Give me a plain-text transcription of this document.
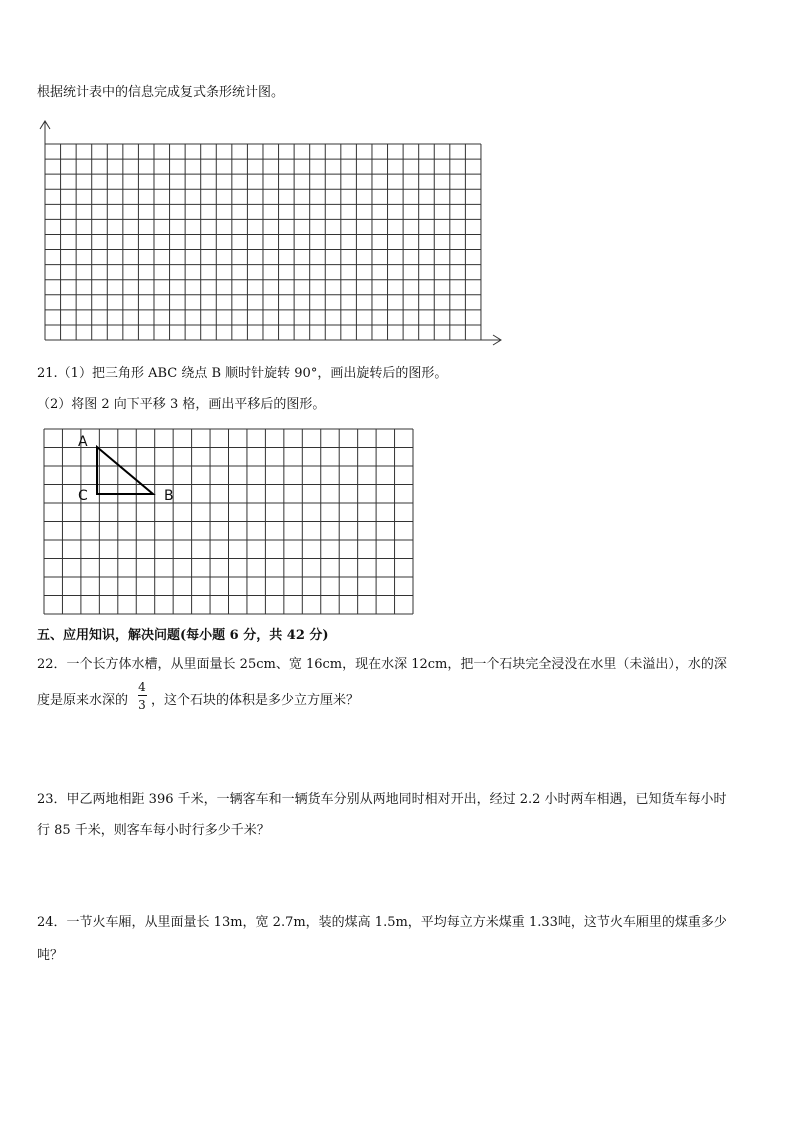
根据统计表中的信息完成复式条形统计图。
21.（1）把三角形 ABC 绕点 B 顺时针旋转 90°，画出旋转后的图形。
（2）将图 2 向下平移 3 格，画出平移后的图形。
A
C	B
五、应用知识，解决问题(每小题 6 分，共 42 分)
22．一个长方体水槽，从里面量长 25cm、宽 16cm，现在水深 12cm，把一个石块完全浸没在水里（未溢出），水的深
度是原来水深的
4
3 ，这个石块的体积是多少立方厘米？
23．甲乙两地相距 396 千米，一辆客车和一辆货车分别从两地同时相对开出，经过 2.2 小时两车相遇，已知货车每小时
行 85 千米，则客车每小时行多少千米？
24．一节火车厢，从里面量长 13m，宽 2.7m，装的煤高 1.5m，平均每立方米煤重 1.33吨，这节火车厢里的煤重多少
吨？
